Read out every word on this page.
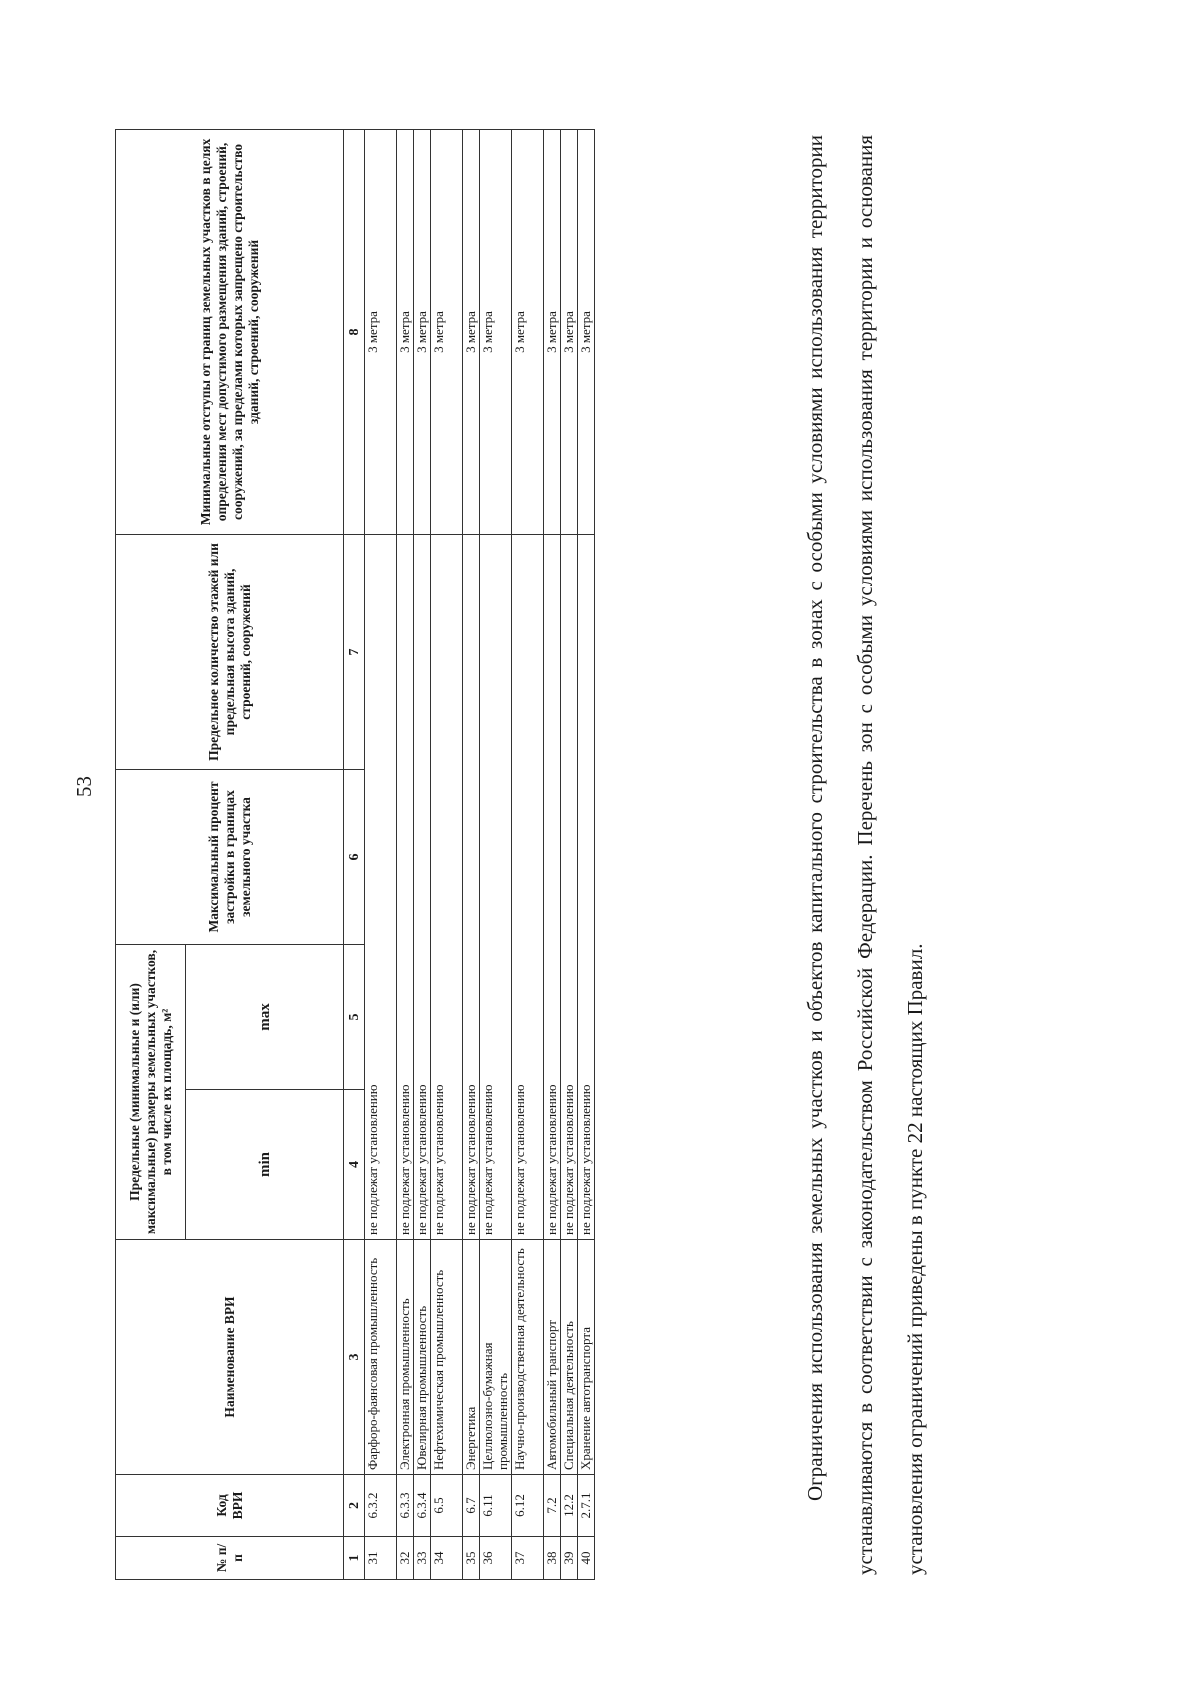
53
№ п/п	Код ВРИ	Наименование ВРИ	Предельные (минимальные и (или) максимальные) размеры земельных участков, в том числе их площадь, м²		Максимальный процент застройки в границах земельного участка	Предельное количество этажей или предельная высота зданий, строений, сооружений	Минимальные отступы от границ земельных участков в целях определения мест допустимого размещения зданий, строений, сооружений, за пределами которых запрещено строительство зданий, строений, сооружений
			min	max			
1	2	3	4	5	6	7	8
31	6.3.2	Фарфоро-фаянсовая промышленность	не подлежат установлению				3 метра
32	6.3.3	Электронная промышленность	не подлежат установлению				3 метра
33	6.3.4	Ювелирная промышленность	не подлежат установлению				3 метра
34	6.5	Нефтехимическая промышленность	не подлежат установлению				3 метра
35	6.7	Энергетика	не подлежат установлению				3 метра
36	6.11	Целлюлозно-бумажная промышленность	не подлежат установлению				3 метра
37	6.12	Научно-производственная деятельность	не подлежат установлению				3 метра
38	7.2	Автомобильный транспорт	не подлежат установлению				3 метра
39	12.2	Специальная деятельность	не подлежат установлению				3 метра
40	2.7.1	Хранение автотранспорта	не подлежат установлению				3 метра	Ограничения использования земельных участков и объектов капитального строительства в зонах с особыми условиями использования территории устанавливаются в соответствии с законодательством Российской Федерации. Перечень зон с особыми условиями использования территории и основания установления ограничений приведены в пункте 22 настоящих Правил.
